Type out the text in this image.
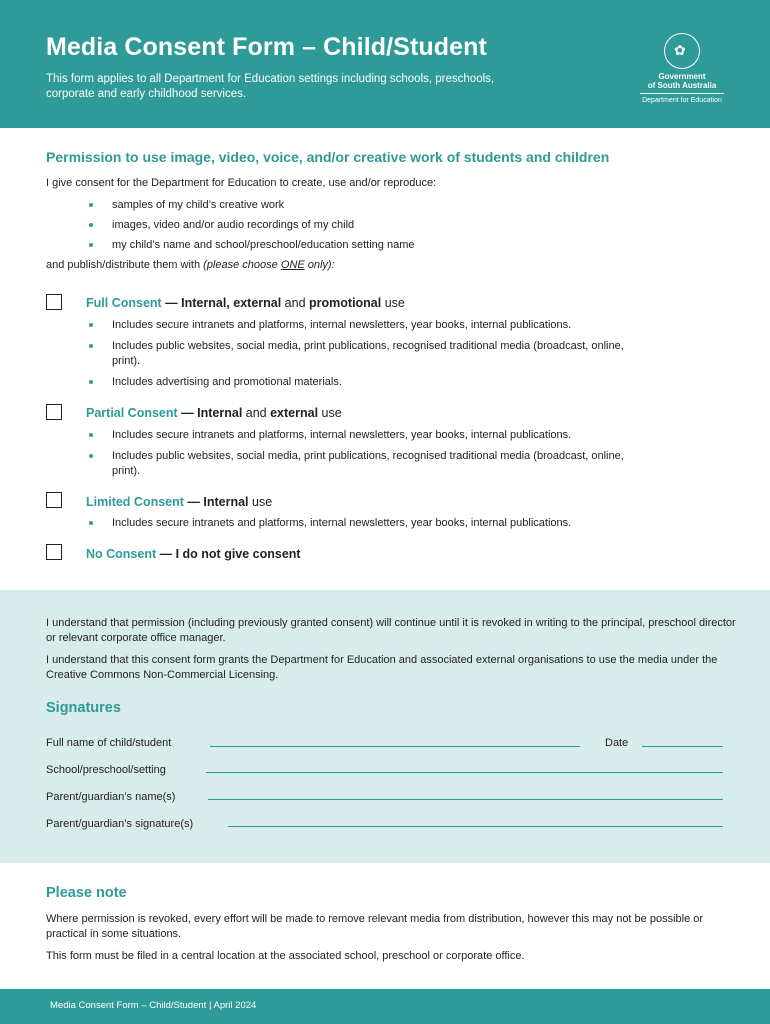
Media Consent Form – Child/Student
This form applies to all Department for Education settings including schools, preschools, corporate and early childhood services.
✿
Government
of South Australia
Department for Education
Permission to use image, video, voice, and/or creative work of students and children
I give consent for the Department for Education to create, use and/or reproduce:
samples of my child’s creative work
images, video and/or audio recordings of my child
my child’s name and school/preschool/education setting name
and publish/distribute them with (please choose ONE only):
Full Consent — Internal, external and promotional use
Includes secure intranets and platforms, internal newsletters, year books, internal publications.
Includes public websites, social media, print publications, recognised traditional media (broadcast, online, print).
Includes advertising and promotional materials.
Partial Consent — Internal and external use
Includes secure intranets and platforms, internal newsletters, year books, internal publications.
Includes public websites, social media, print publications, recognised traditional media (broadcast, online, print).
Limited Consent — Internal use
Includes secure intranets and platforms, internal newsletters, year books, internal publications.
No Consent — I do not give consent
I understand that permission (including previously granted consent) will continue until it is revoked in writing to the principal, preschool director or relevant corporate office manager.
I understand that this consent form grants the Department for Education and associated external organisations to use the media under the Creative Commons Non-Commercial Licensing.
Signatures
Full name of child/student	Date
School/preschool/setting
Parent/guardian’s name(s)
Parent/guardian’s signature(s)
Please note
Where permission is revoked, every effort will be made to remove relevant media from distribution, however this may not be possible or practical in some situations.
This form must be filed in a central location at the associated school, preschool or corporate office.
Media Consent Form – Child/Student | April 2024
